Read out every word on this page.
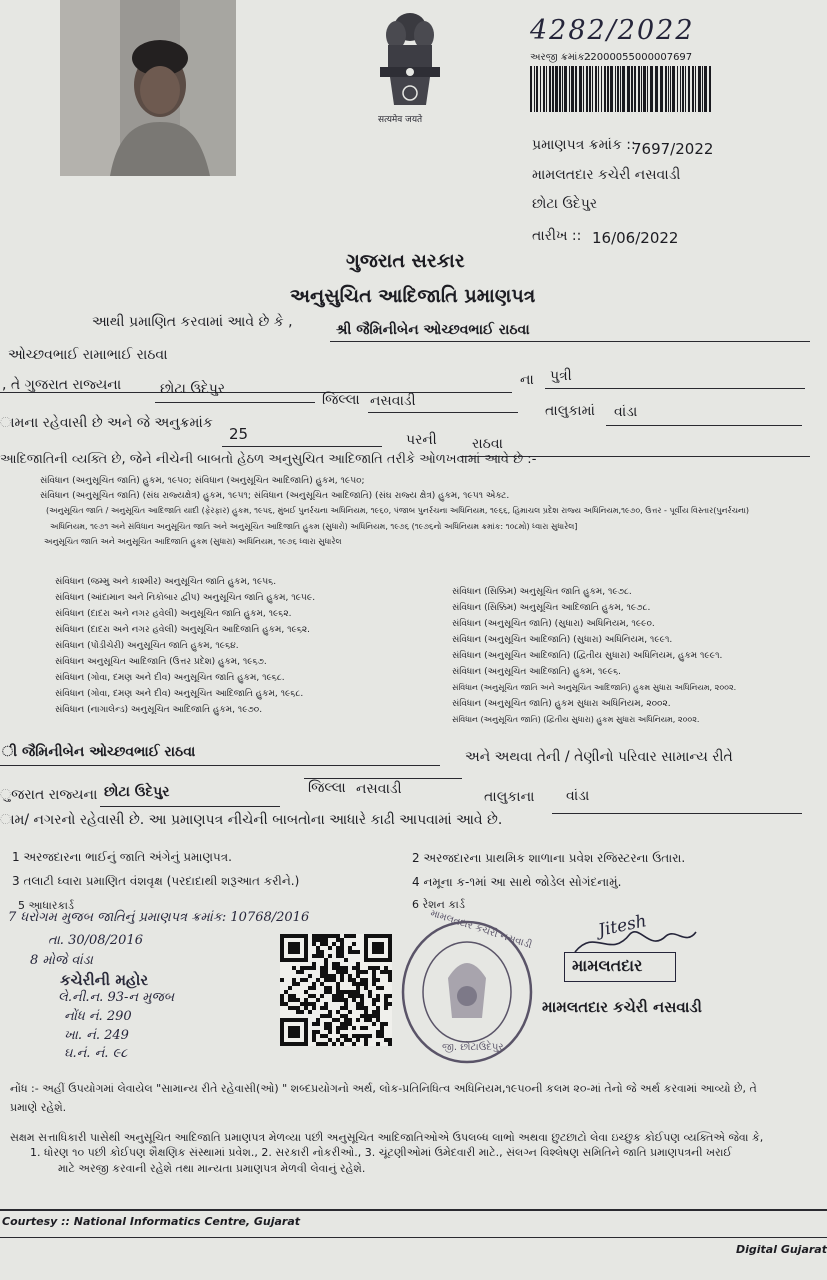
सत्यमेव जयते
4282/2022
અરજી ક્રમાંક :
22000055000007697
પ્રમાણપત્ર ક્રમાંક ::
7697/2022
મામલતદાર કચેરી નસવાડી
છોટા ઉદેપુર
તારીખ :: 16/06/2022
ગુજરાત સરકાર
અનુસુચિત આદિજાતિ પ્રમાણપત્ર
આથી પ્રમાણિત કરવામાં આવે છે કે ,	શ્રી જૈમિનીબેન ઓચ્છવભાઈ રાઠવા
ઓચ્છવભાઈ રામાભાઈ રાઠવા
ના પુત્રી
, તે ગુજરાત રાજ્યના	છોટા ઉદેપુર
જિલ્લા નસવાડી
તાલુકામાં વાંડા
ામના રહેવાસી છે અને જે અનુક્રમાંક
25	પરની	રાઠવા
આદિજાતિની વ્યક્તિ છે, જેને નીચેની બાબતો હેઠળ અનુસુચિત આદિજાતિ તરીકે ઓળખવામાં આવે છે :-
સંવિધાન (અનુસૂચિત જાતિ) હુકમ, ૧૯૫૦; સંવિધાન (અનુસૂચિત આદિજાતિ) હુકમ, ૧૯૫૦;
સંવિધાન (અનુસૂચિત જાતિ) (સંઘ રાજ્યક્ષેત્ર) હુકમ, ૧૯૫૧; સંવિધાન (અનુસૂચિત આદિજાતિ) (સંઘ રાજ્ય ક્ષેત્ર) હુકમ, ૧૯૫૧ એક્ટ.
(અનુસૂચિત જાતિ / અનુસૂચિત આદિજાતિ યાદી (ફેરફાર) હુકમ, ૧૯૫૬, મુંબઈ પુનર્રચના અધિનિયમ, ૧૯૬૦, પંજાબ પુનર્રચના અધિનિયમ, ૧૯૬૬, હિમાચલ પ્રદેશ રાજ્ય અધિનિયમ,૧૯૭૦, ઉત્તર - પૂર્વીય વિસ્તાર(પુનર્રચના)
અધિનિયમ, ૧૯૭૧ અને સંવિધાન અનુસૂચિત જાતિ અને અનુસૂચિત આદિજાતિ હુકમ (સુધારો) અધિનિયમ, ૧૯૭૬ (૧૯૭૬નો અધિનિયમ ક્રમાંક: ૧૦૮મો) ધ્વારા સુધારેલ]
અનુસૂચિત જાતિ અને અનુસૂચિત આદિજાતિ હુકમ (સુધારા) અધિનિયમ, ૧૯૭૬ ધ્વારા સુધારેલ
સંવિધાન (જમ્મુ અને કાશ્મીર) અનુસૂચિત જાતિ હુકમ, ૧૯૫૬.
સંવિધાન (આંદામાન અને નિકોબાર દ્વીપ) અનુસૂચિત જાતિ હુકમ, ૧૯૫૯.
સંવિધાન (દાદરા અને નગર હવેલી) અનુસૂચિત જાતિ હુકમ, ૧૯૬૨.
સંવિધાન (દાદરા અને નગર હવેલી) અનુસૂચિત આદિજાતિ હુકમ, ૧૯૬૨.
સંવિધાન (પોંડીચેરી) અનુસૂચિત જાતિ હુકમ, ૧૯૬૪.
સંવિધાન અનુસૂચિત આદિજાતિ (ઉત્તર પ્રદેશ) હુકમ, ૧૯૬૭.
સંવિધાન (ગોવા, દમણ અને દીવ) અનુસૂચિત જાતિ હુકમ, ૧૯૬૮.
સંવિધાન (ગોવા, દમણ અને દીવ) અનુસૂચિત આદિજાતિ હુકમ, ૧૯૬૮.
સંવિધાન (નાગાલેન્ડ) અનુસૂચિત આદિજાતિ હુકમ, ૧૯૭૦.
સંવિધાન (સિક્કિમ) અનુસૂચિત જાતિ હુકમ, ૧૯૭૮.
સંવિધાન (સિક્કિમ) અનુસૂચિત આદિજાતિ હુકમ, ૧૯૭૮.
સંવિધાન (અનુસૂચિત જાતિ) (સુધારા) અધિનિયમ, ૧૯૯૦.
સંવિધાન (અનુસૂચિત આદિજાતિ) (સુધારા) અધિનિયમ, ૧૯૯૧.
સંવિધાન (અનુસૂચિત આદિજાતિ) (દ્વિતીય સુધારા) અધિનિયમ, હુકમ ૧૯૯૧.
સંવિધાન (અનુસૂચિત આદિજાતિ) હુકમ, ૧૯૯૬.
સંવિધાન (અનુસૂચિત જાતિ અને અનુસૂચિત આદિજાતિ) હુકમ સુધારા અધિનિયમ, ૨૦૦૨.
સંવિધાન (અનુસૂચિત જાતિ) હુકમ સુધારા અધિનિયમ, ૨૦૦૨.
સંવિધાન (અનુસૂચિત જાતિ) (દ્વિતીય સુધારા) હુકમ સુધારા અધિનિયમ, ૨૦૦૨.
ી જૈમિનીબેન ઓચ્છવભાઈ રાઠવા	અને અથવા તેની / તેણીનો પરિવાર સામાન્ય રીતે
ુજરાત રાજ્યના છોટા ઉદેપુર	જિલ્લા નસવાડી	તાલુકાના વાંડા
ામ/ નગરનો રહેવાસી છે. આ પ્રમાણપત્ર નીચેની બાબતોના આધારે કાઢી આપવામાં આવે છે.
1 અરજદારના ભાઈનું જાતિ અંગેનું પ્રમાણપત્ર.	2 અરજદારના પ્રાથમિક શાળાના પ્રવેશ રજિસ્ટરના ઉતારા.
3 તલાટી ધ્વારા પ્રમાણિત વંશવૃક્ષ (પરદાદાથી શરૂઆત કરીને.)	4 નમૂના ક-૧માં આ સાથે જોડેલ સોગંદનામું.
5 આધારકાર્ડ	6 રેશન કાર્ડ
7 ધરોગમ મુજબ જાતિનું પ્રમાણપત્ર ક્રમાંક: 10768/2016
તા. 30/08/2016
8 મોજે વાંડા
કચેરીની મહોર
લે.ની.ન. 93-ન મુજબ
નોંધ નં. 290
ખા. નં. 249
ઘ.નં. નં. ૯૮
મામલતદાર કચેરી નસવાડી
જી. છોટાઉદેપુર
Jitesh
મામલતદાર
મામલતદાર કચેરી નસવાડી
નોંધ :- અહીં ઉપયોગમાં લેવાયેલ "સામાન્ય રીતે રહેવાસી(ઓ) " શબ્દપ્રયોગનો અર્થ, લોક-પ્રતિનિધિત્વ અધિનિયમ,૧૯૫૦ની કલમ ૨૦-માં તેનો જે અર્થ કરવામાં આવ્યો છે, તે
પ્રમાણે રહેશે.
સક્ષમ સત્તાધિકારી પાસેથી અનુસૂચિત આદિજાતિ પ્રમાણપત્ર મેળવ્યા પછી અનુસૂચિત આદિજાતિઓએ ઉપલબ્ધ લાભો અથવા છુટછાટો લેવા ઇચ્છુક કોઈપણ વ્યક્તિએ જેવા કે,
1. ધોરણ ૧૦ પછી કોઈપણ શૈક્ષણિક સંસ્થામાં પ્રવેશ., 2. સરકારી નોકરીઓ., 3. ચૂંટણીઓમાં ઉમેદવારી માટે., સંલગ્ન વિશ્લેષણ સમિતિને જાતિ પ્રમાણપત્રની ખરાઈ
માટે અરજી કરવાની રહેશે તથા માન્યતા પ્રમાણપત્ર મેળવી લેવાનું રહેશે.
Courtesy :: National Informatics Centre, Gujarat
Digital Gujarat
